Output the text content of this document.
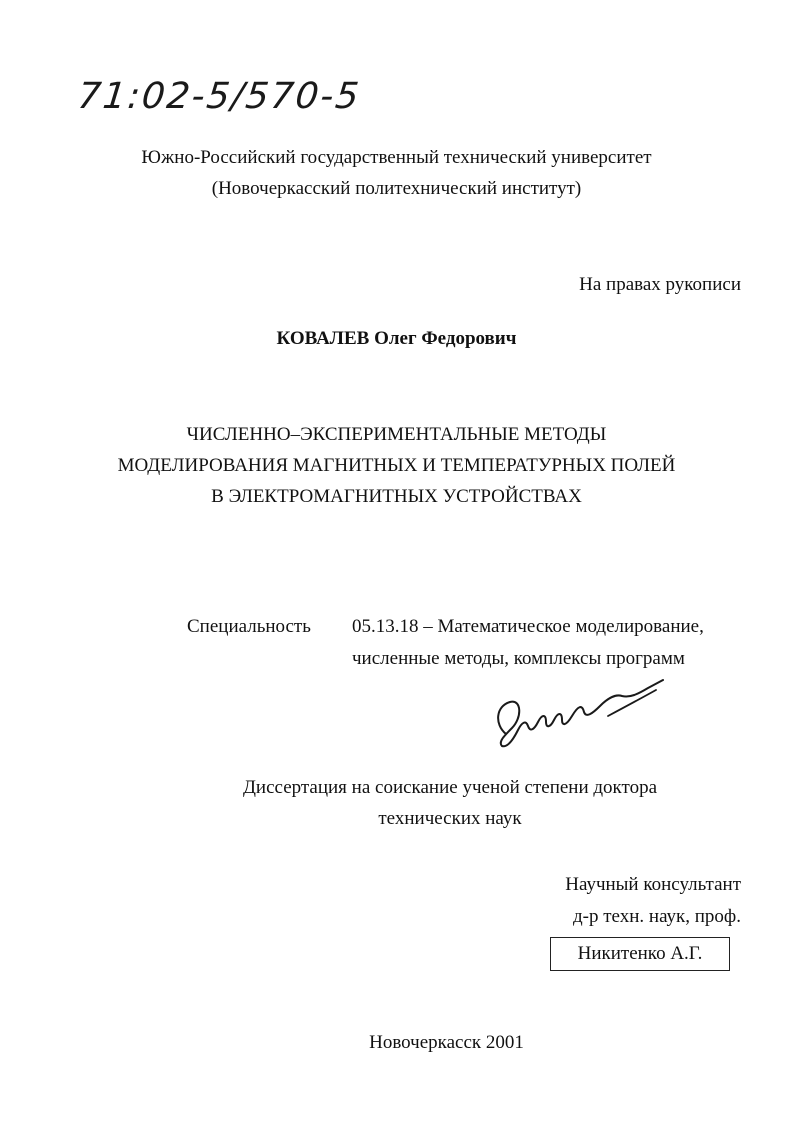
71:02-5/570-5
Южно-Российский государственный технический университет
(Новочеркасский политехнический институт)
На правах рукописи
КОВАЛЕВ Олег Федорович
ЧИСЛЕННО–ЭКСПЕРИМЕНТАЛЬНЫЕ МЕТОДЫ
МОДЕЛИРОВАНИЯ МАГНИТНЫХ И ТЕМПЕРАТУРНЫХ ПОЛЕЙ
В ЭЛЕКТРОМАГНИТНЫХ УСТРОЙСТВАХ
Специальность 05.13.18 – Математическое моделирование,
численные методы, комплексы программ
Диссертация на соискание ученой степени доктора
технических наук
Научный консультант
д-р техн. наук, проф.
Никитенко А.Г.
Новочеркасск 2001
